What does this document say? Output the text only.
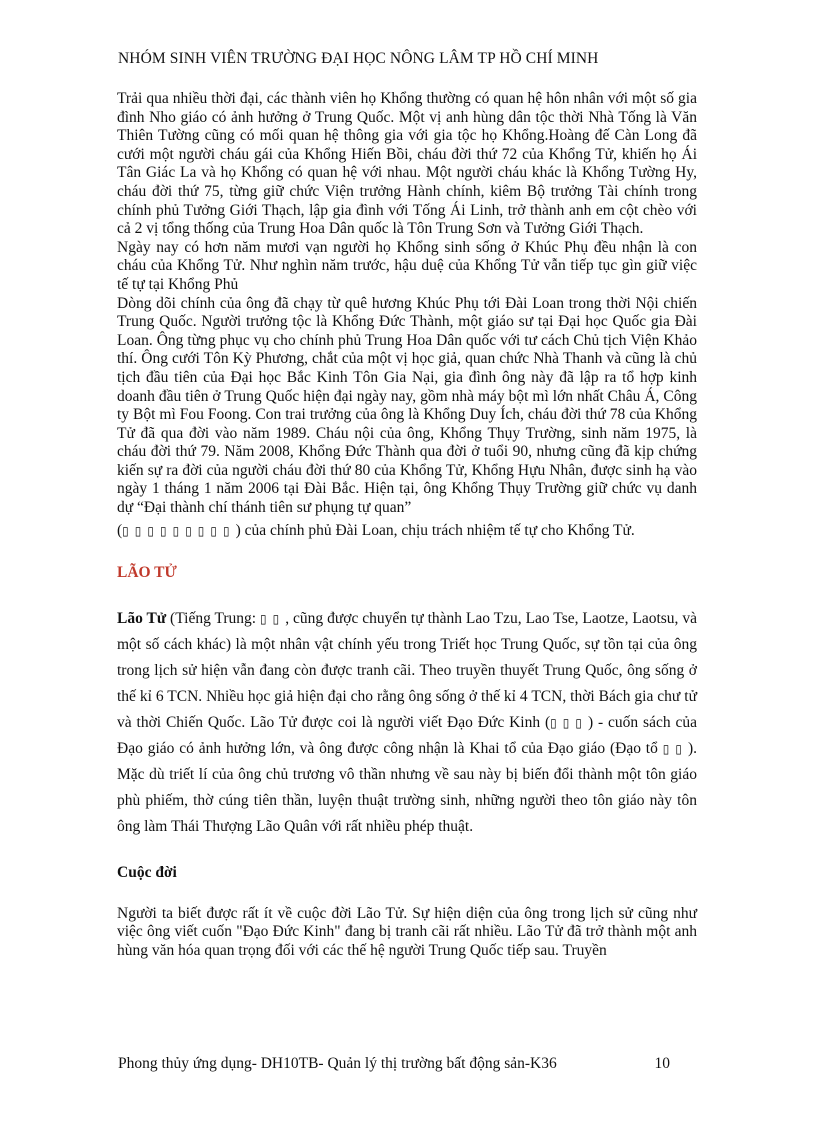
NHÓM SINH VIÊN TRƯỜNG ĐẠI HỌC NÔNG LÂM TP HỒ CHÍ MINH

Trải qua nhiều thời đại, các thành viên họ Khổng thường có quan hệ hôn nhân với một số gia đình Nho giáo có ảnh hưởng ở Trung Quốc. Một vị anh hùng dân tộc thời Nhà Tống là Văn Thiên Tường cũng có mối quan hệ thông gia với gia tộc họ Khổng.Hoàng đế Càn Long đã cưới một người cháu gái của Khổng Hiến Bồi, cháu đời thứ 72 của Khổng Tử, khiến họ Ái Tân Giác La và họ Khổng có quan hệ với nhau. Một người cháu khác là Khổng Tường Hy, cháu đời thứ 75, từng giữ chức Viện trưởng Hành chính, kiêm Bộ trưởng Tài chính trong chính phủ Tưởng Giới Thạch, lập gia đình với Tống Ái Linh, trở thành anh em cột chèo với cả 2 vị tổng thống của Trung Hoa Dân quốc là Tôn Trung Sơn và Tưởng Giới Thạch.

Ngày nay có hơn năm mươi vạn người họ Khổng sinh sống ở Khúc Phụ đều nhận là con cháu của Khổng Tử. Như nghìn năm trước, hậu duệ của Khổng Tử vẫn tiếp tục gìn giữ việc tế tự tại Khổng Phủ

Dòng dõi chính của ông đã chạy từ quê hương Khúc Phụ tới Đài Loan trong thời Nội chiến Trung Quốc. Người trưởng tộc là Khổng Đức Thành, một giáo sư tại Đại học Quốc gia Đài Loan. Ông từng phục vụ cho chính phủ Trung Hoa Dân quốc với tư cách Chủ tịch Viện Khảo thí. Ông cưới Tôn Kỳ Phương, chắt của một vị học giả, quan chức Nhà Thanh và cũng là chủ tịch đầu tiên của Đại học Bắc Kinh Tôn Gia Nại, gia đình ông này đã lập ra tổ hợp kinh doanh đầu tiên ở Trung Quốc hiện đại ngày nay, gồm nhà máy bột mì lớn nhất Châu Á, Công ty Bột mì Fou Foong. Con trai trưởng của ông là Khổng Duy Ích, cháu đời thứ 78 của Khổng Tử đã qua đời vào năm 1989. Cháu nội của ông, Khổng Thụy Trường, sinh năm 1975, là cháu đời thứ 79. Năm 2008, Khổng Đức Thành qua đời ở tuổi 90, nhưng cũng đã kịp chứng kiến sự ra đời của người cháu đời thứ 80 của Khổng Tử, Khổng Hựu Nhân, được sinh hạ vào ngày 1 tháng 1 năm 2006 tại Đài Bắc. Hiện tại, ông Khổng Thụy Trường giữ chức vụ danh dự “Đại thành chí thánh tiên sư phụng tự quan”

(▯▯▯▯▯▯▯▯▯) của chính phủ Đài Loan, chịu trách nhiệm tế tự cho Khổng Tử.

LÃO TỬ

Lão Tử (Tiếng Trung: ▯▯, cũng được chuyển tự thành Lao Tzu, Lao Tse, Laotze, Laotsu, và một số cách khác) là một nhân vật chính yếu trong Triết học Trung Quốc, sự tồn tại của ông trong lịch sử hiện vẫn đang còn được tranh cãi. Theo truyền thuyết Trung Quốc, ông sống ở thế kỉ 6 TCN. Nhiều học giả hiện đại cho rằng ông sống ở thế kỉ 4 TCN, thời Bách gia chư tử và thời Chiến Quốc. Lão Tử được coi là người viết Đạo Đức Kinh (▯▯▯) - cuốn sách của Đạo giáo có ảnh hưởng lớn, và ông được công nhận là Khai tổ của Đạo giáo (Đạo tổ ▯▯). Mặc dù triết lí của ông chủ trương vô thần nhưng về sau này bị biến đổi thành một tôn giáo phù phiếm, thờ cúng tiên thần, luyện thuật trường sinh, những người theo tôn giáo này tôn ông làm Thái Thượng Lão Quân với rất nhiều phép thuật.

Cuộc đời

Người ta biết được rất ít về cuộc đời Lão Tử. Sự hiện diện của ông trong lịch sử cũng như việc ông viết cuốn "Đạo Đức Kinh" đang bị tranh cãi rất nhiều. Lão Tử đã trở thành một anh hùng văn hóa quan trọng đối với các thế hệ người Trung Quốc tiếp sau. Truyền

Phong thủy ứng dụng- DH10TB- Quản lý thị trường bất động sản-K36	10
